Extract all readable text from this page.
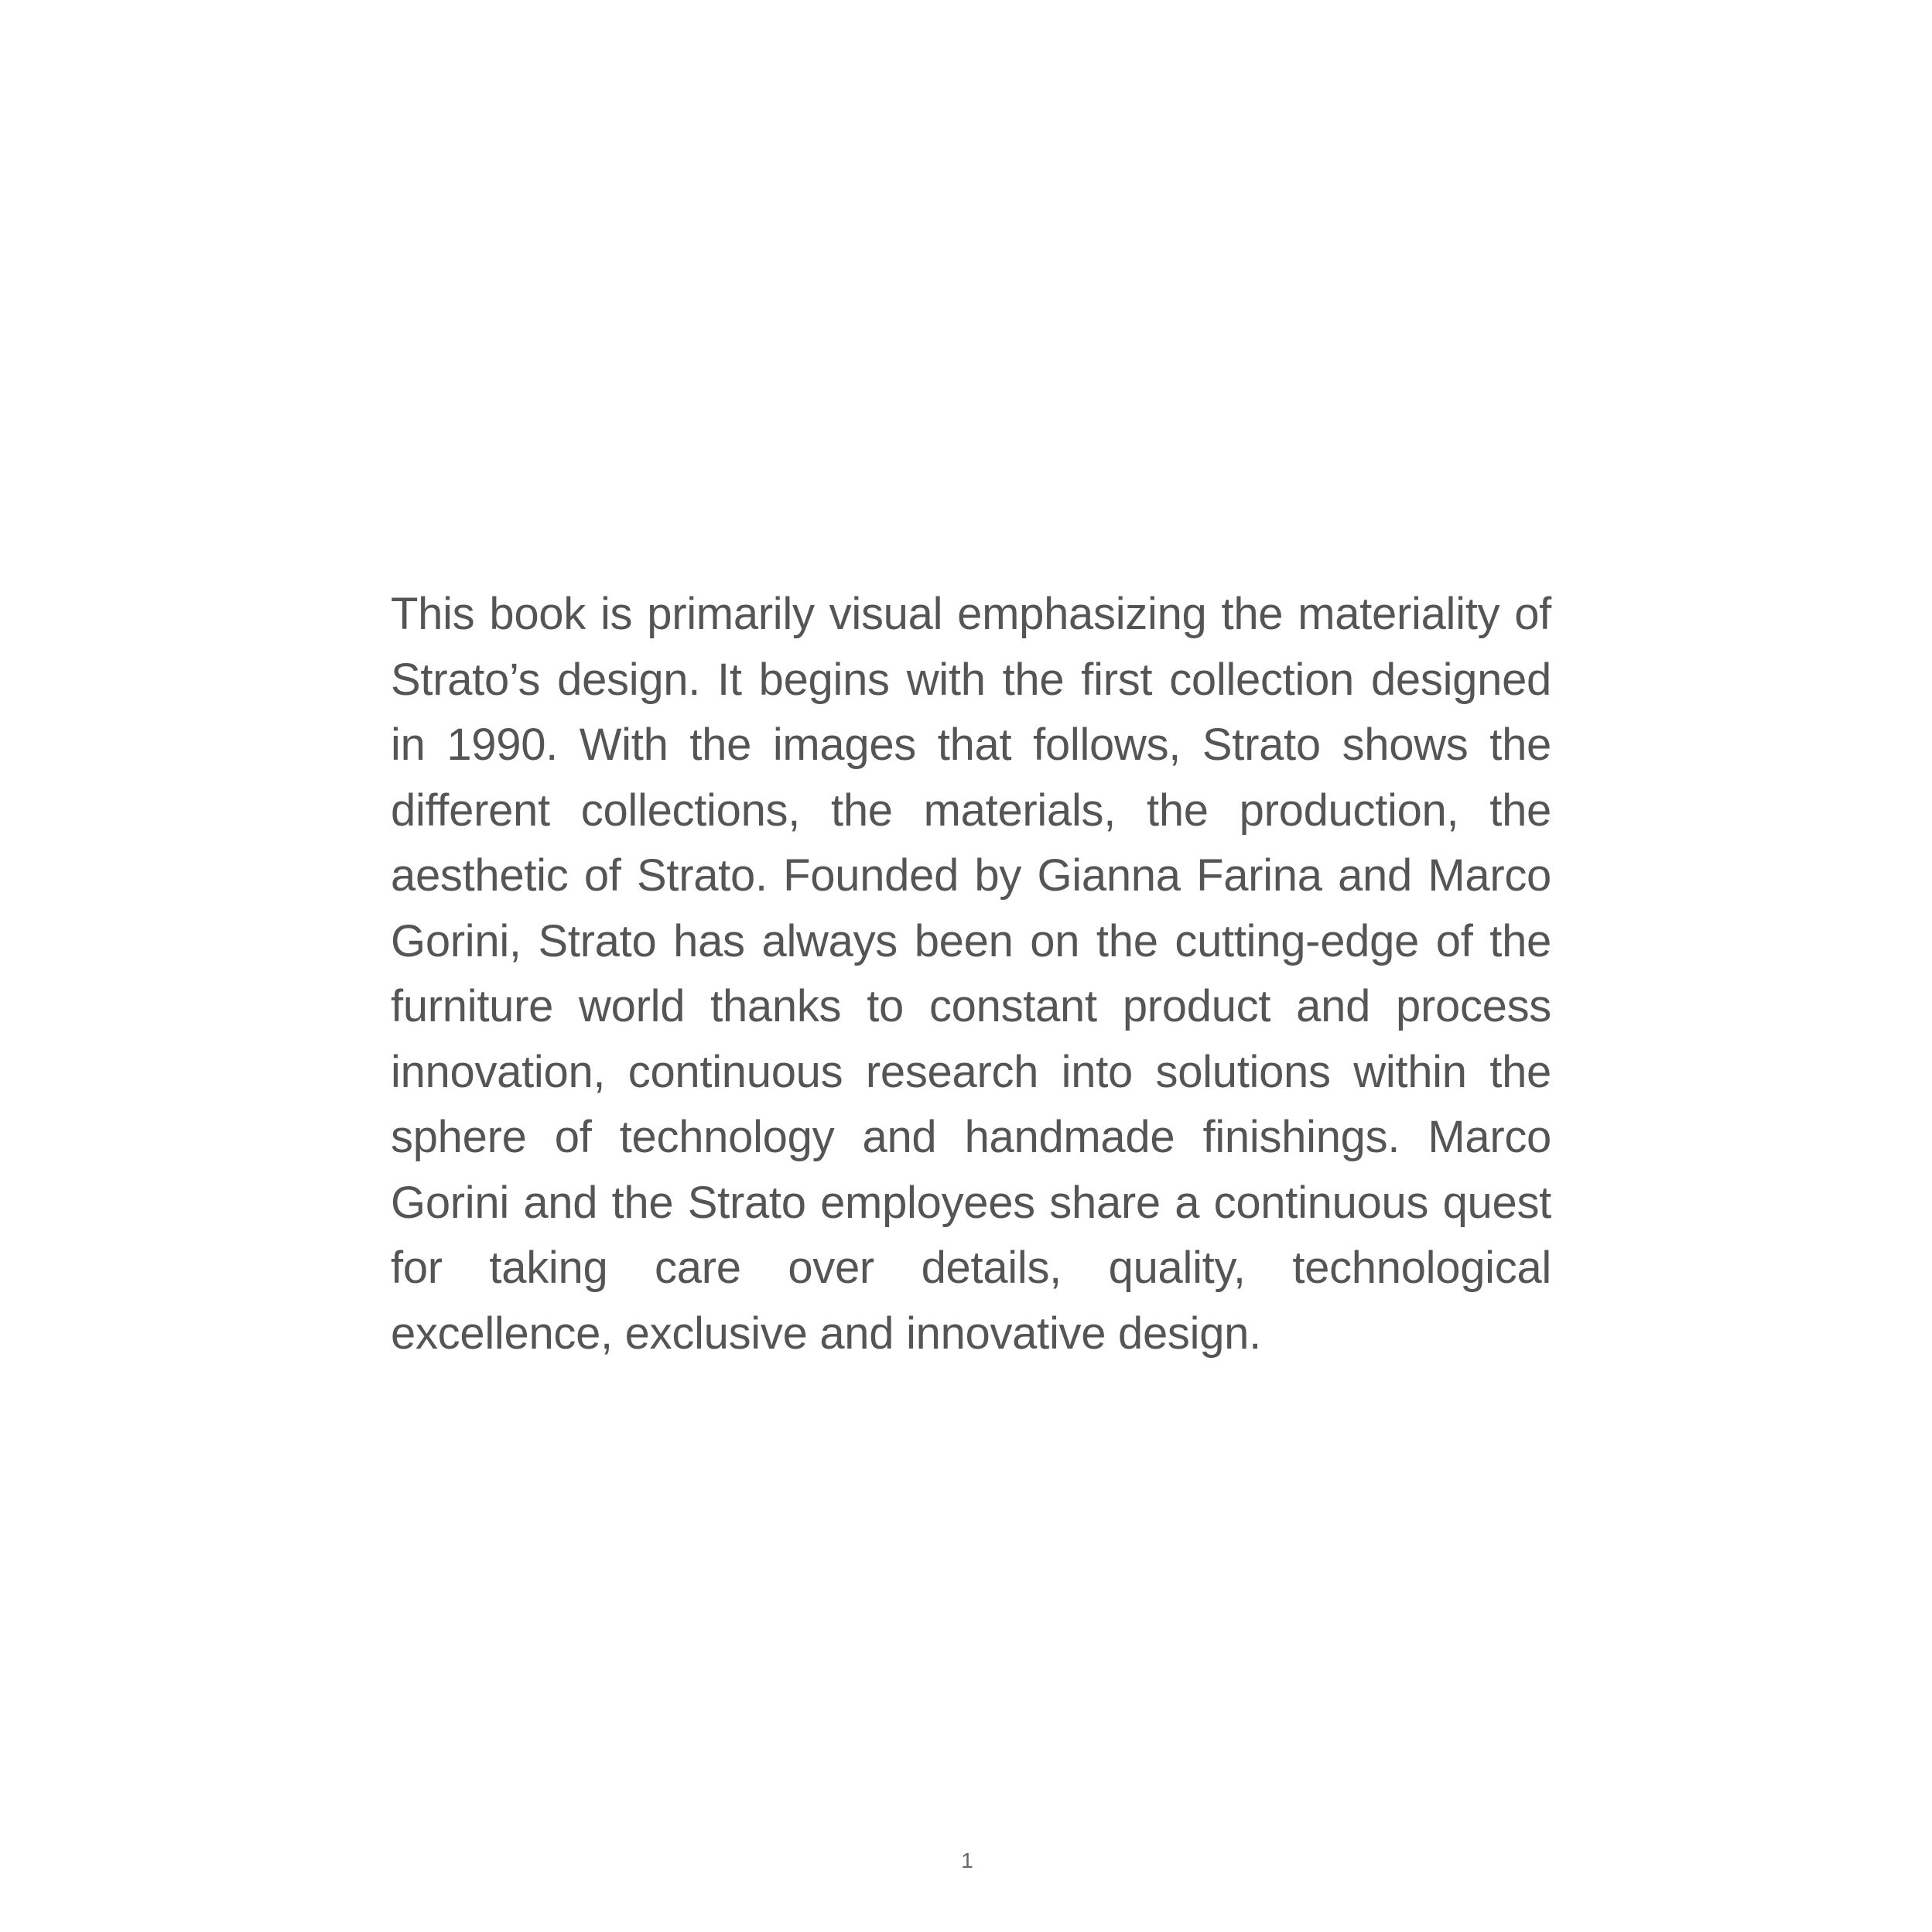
This book is primarily visual emphasizing the materiality of Strato’s design. It begins with the first collection designed in 1990. With the images that follows, Strato shows the different collections, the materials, the production, the aesthetic of Strato. Founded by Gianna Farina and Marco Gorini, Strato has always been on the cutting-edge of the furniture world thanks to constant product and process innovation, continuous research into solutions within the sphere of technology and handmade finishings. Marco Gorini and the Strato employees share a continuous quest for taking care over details, quality, technological excellence, exclusive and innovative design.

1
